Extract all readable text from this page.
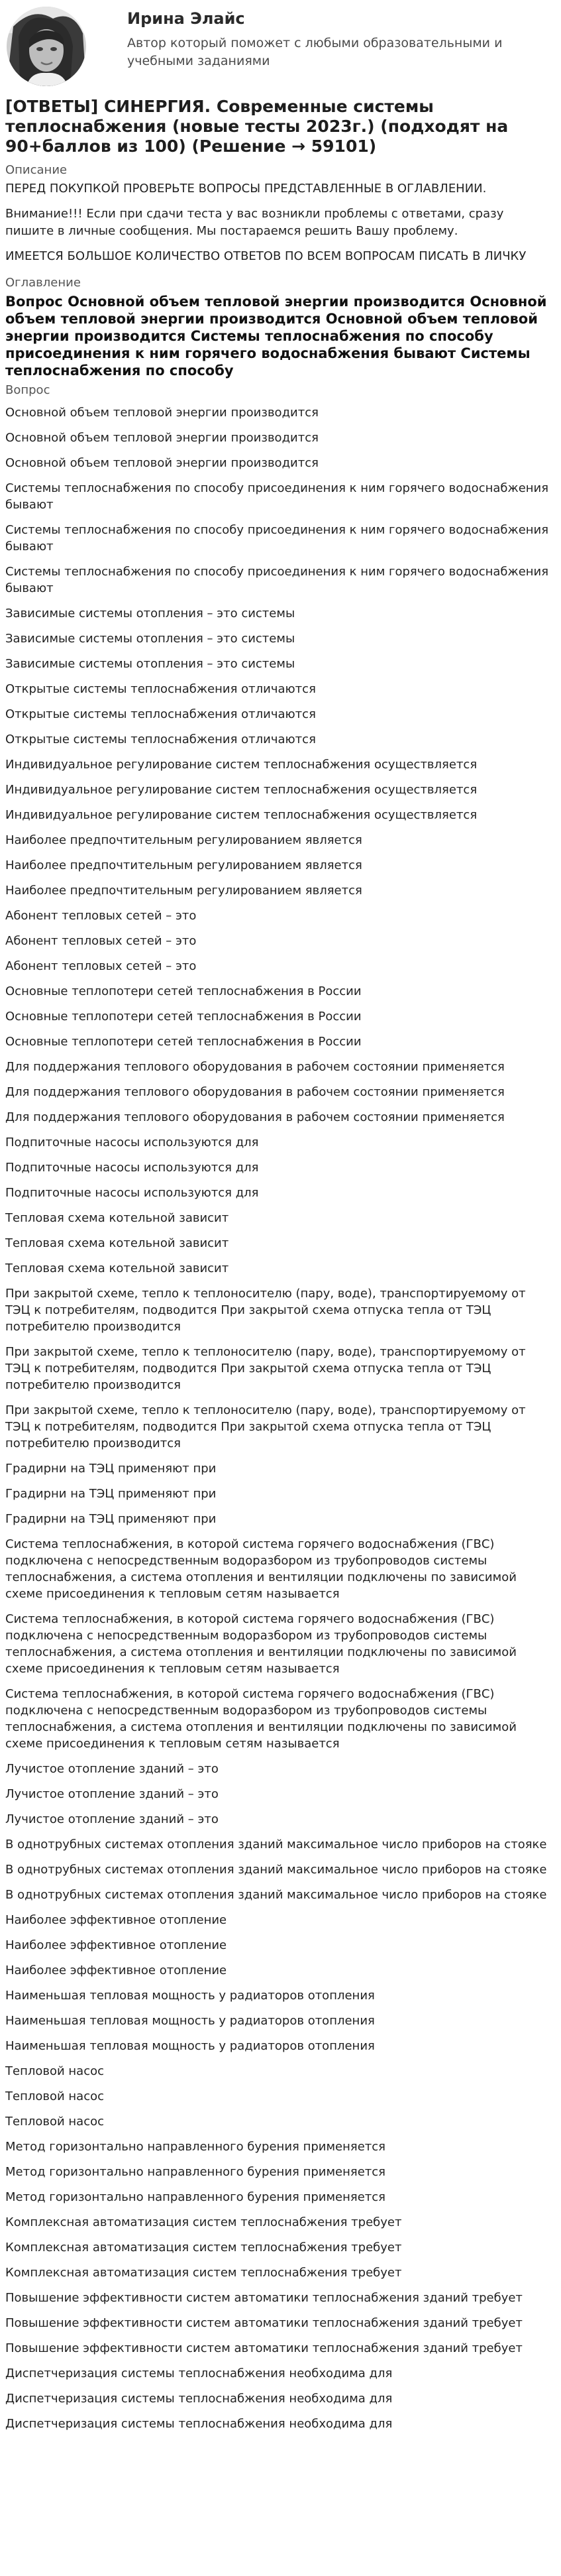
Ирина Элайс
Автор который поможет с любыми образовательными и учебными заданиями
[ОТВЕТЫ] СИНЕРГИЯ. Современные системы теплоснабжения (новые тесты 2023г.) (подходят на 90+баллов из 100) (Решение → 59101)
Описание

ПЕРЕД ПОКУПКОЙ ПРОВЕРЬТЕ ВОПРОСЫ ПРЕДСТАВЛЕННЫЕ В ОГЛАВЛЕНИИ.

Внимание!!! Если при сдачи теста у вас возникли проблемы с ответами, сразу пишите в личные сообщения. Мы постараемся решить Вашу проблему.

ИМЕЕТСЯ БОЛЬШОЕ КОЛИЧЕСТВО ОТВЕТОВ ПО ВСЕМ ВОПРОСАМ ПИСАТЬ В ЛИЧКУ

Оглавление
Вопрос Основной объем тепловой энергии производится Основной объем тепловой энергии производится Основной объем тепловой энергии производится Системы теплоснабжения по способу присоединения к ним горячего водоснабжения бывают Системы теплоснабжения по способу
Вопрос
Основной объем тепловой энергии производится
Основной объем тепловой энергии производится
Основной объем тепловой энергии производится
Системы теплоснабжения по способу присоединения к ним горячего водоснабжения бывают
Системы теплоснабжения по способу присоединения к ним горячего водоснабжения бывают
Системы теплоснабжения по способу присоединения к ним горячего водоснабжения бывают
Зависимые системы отопления – это системы
Зависимые системы отопления – это системы
Зависимые системы отопления – это системы
Открытые системы теплоснабжения отличаются
Открытые системы теплоснабжения отличаются
Открытые системы теплоснабжения отличаются
Индивидуальное регулирование систем теплоснабжения осуществляется
Индивидуальное регулирование систем теплоснабжения осуществляется
Индивидуальное регулирование систем теплоснабжения осуществляется
Наиболее предпочтительным регулированием является
Наиболее предпочтительным регулированием является
Наиболее предпочтительным регулированием является
Абонент тепловых сетей – это
Абонент тепловых сетей – это
Абонент тепловых сетей – это
Основные теплопотери сетей теплоснабжения в России
Основные теплопотери сетей теплоснабжения в России
Основные теплопотери сетей теплоснабжения в России
Для поддержания теплового оборудования в рабочем состоянии применяется
Для поддержания теплового оборудования в рабочем состоянии применяется
Для поддержания теплового оборудования в рабочем состоянии применяется
Подпиточные насосы используются для
Подпиточные насосы используются для
Подпиточные насосы используются для
Тепловая схема котельной зависит
Тепловая схема котельной зависит
Тепловая схема котельной зависит
При закрытой схеме, тепло к теплоносителю (пару, воде), транспортируемому от ТЭЦ к потребителям, подводится При закрытой схема отпуска тепла от ТЭЦ потребителю производится
При закрытой схеме, тепло к теплоносителю (пару, воде), транспортируемому от ТЭЦ к потребителям, подводится При закрытой схема отпуска тепла от ТЭЦ потребителю производится
При закрытой схеме, тепло к теплоносителю (пару, воде), транспортируемому от ТЭЦ к потребителям, подводится При закрытой схема отпуска тепла от ТЭЦ потребителю производится
Градирни на ТЭЦ применяют при
Градирни на ТЭЦ применяют при
Градирни на ТЭЦ применяют при
Система теплоснабжения, в которой система горячего водоснабжения (ГВС) подключена с непосредственным водоразбором из трубопроводов системы теплоснабжения, а система отопления и вентиляции подключены по зависимой схеме присоединения к тепловым сетям называется
Система теплоснабжения, в которой система горячего водоснабжения (ГВС) подключена с непосредственным водоразбором из трубопроводов системы теплоснабжения, а система отопления и вентиляции подключены по зависимой схеме присоединения к тепловым сетям называется
Система теплоснабжения, в которой система горячего водоснабжения (ГВС) подключена с непосредственным водоразбором из трубопроводов системы теплоснабжения, а система отопления и вентиляции подключены по зависимой схеме присоединения к тепловым сетям называется
Лучистое отопление зданий – это
Лучистое отопление зданий – это
Лучистое отопление зданий – это
В однотрубных системах отопления зданий максимальное число приборов на стояке
В однотрубных системах отопления зданий максимальное число приборов на стояке
В однотрубных системах отопления зданий максимальное число приборов на стояке
Наиболее эффективное отопление
Наиболее эффективное отопление
Наиболее эффективное отопление
Наименьшая тепловая мощность у радиаторов отопления
Наименьшая тепловая мощность у радиаторов отопления
Наименьшая тепловая мощность у радиаторов отопления
Тепловой насос
Тепловой насос
Тепловой насос
Метод горизонтально направленного бурения применяется
Метод горизонтально направленного бурения применяется
Метод горизонтально направленного бурения применяется
Комплексная автоматизация систем теплоснабжения требует
Комплексная автоматизация систем теплоснабжения требует
Комплексная автоматизация систем теплоснабжения требует
Повышение эффективности систем автоматики теплоснабжения зданий требует
Повышение эффективности систем автоматики теплоснабжения зданий требует
Повышение эффективности систем автоматики теплоснабжения зданий требует
Диспетчеризация системы теплоснабжения необходима для
Диспетчеризация системы теплоснабжения необходима для
Диспетчеризация системы теплоснабжения необходима для
